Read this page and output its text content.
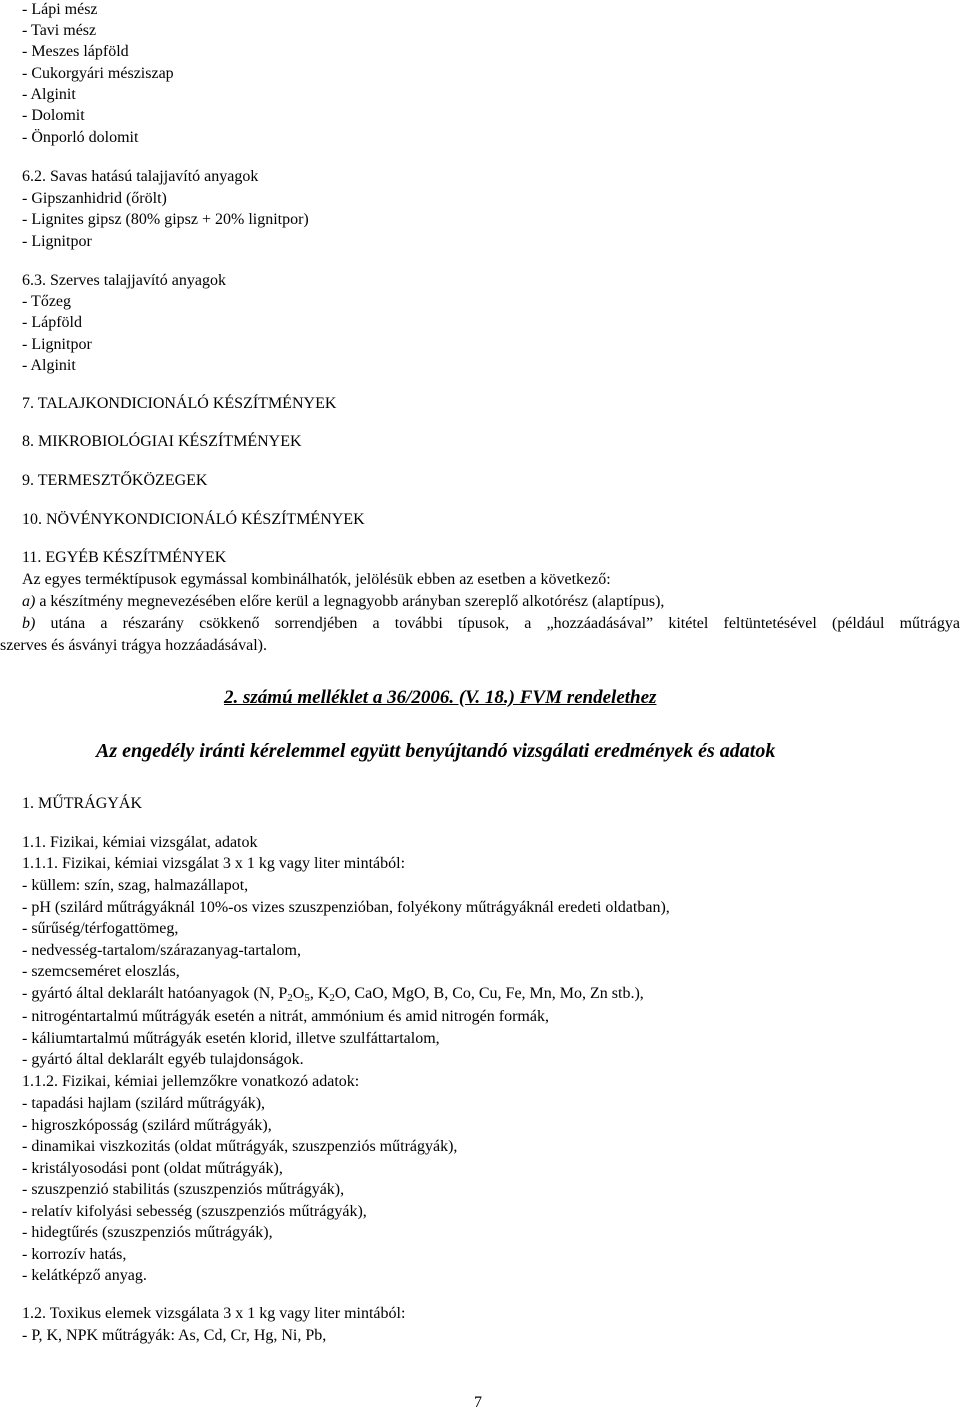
- Lápi mész
- Tavi mész
- Meszes lápföld
- Cukorgyári mésziszap
- Alginit
- Dolomit
- Önporló dolomit
6.2. Savas hatású talajjavító anyagok
- Gipszanhidrid (őrölt)
- Lignites gipsz (80% gipsz + 20% lignitpor)
- Lignitpor
6.3. Szerves talajjavító anyagok
- Tőzeg
- Lápföld
- Lignitpor
- Alginit
7. TALAJKONDICIONÁLÓ KÉSZÍTMÉNYEK
8. MIKROBIOLÓGIAI KÉSZÍTMÉNYEK
9. TERMESZTŐKÖZEGEK
10. NÖVÉNYKONDICIONÁLÓ KÉSZÍTMÉNYEK
11. EGYÉB KÉSZÍTMÉNYEK
Az egyes terméktípusok egymással kombinálhatók, jelölésük ebben az esetben a következő:
a) a készítmény megnevezésében előre kerül a legnagyobb arányban szereplő alkotórész (alaptípus),
b) utána a részarány csökkenő sorrendjében a további típusok, a „hozzáadásával” kitétel feltüntetésével (például műtrágya
szerves és ásványi trágya hozzáadásával).
2. számú melléklet a 36/2006. (V. 18.) FVM rendelethez
Az engedély iránti kérelemmel együtt benyújtandó vizsgálati eredmények és adatok
1. MŰTRÁGYÁK
1.1. Fizikai, kémiai vizsgálat, adatok
1.1.1. Fizikai, kémiai vizsgálat 3 x 1 kg vagy liter mintából:
- küllem: szín, szag, halmazállapot,
- pH (szilárd műtrágyáknál 10%-os vizes szuszpenzióban, folyékony műtrágyáknál eredeti oldatban),
- sűrűség/térfogattömeg,
- nedvesség-tartalom/szárazanyag-tartalom,
- szemcseméret eloszlás,
- gyártó által deklarált hatóanyagok (N, $P_2O_5$, $K_2O$, CaO, MgO, B, Co, Cu, Fe, Mn, Mo, Zn stb.),
- nitrogéntartalmú műtrágyák esetén a nitrát, ammónium és amid nitrogén formák,
- káliumtartalmú műtrágyák esetén klorid, illetve szulfáttartalom,
- gyártó által deklarált egyéb tulajdonságok.
1.1.2. Fizikai, kémiai jellemzőkre vonatkozó adatok:
- tapadási hajlam (szilárd műtrágyák),
- higroszkóposság (szilárd műtrágyák),
- dinamikai viszkozitás (oldat műtrágyák, szuszpenziós műtrágyák),
- kristályosodási pont (oldat műtrágyák),
- szuszpenzió stabilitás (szuszpenziós műtrágyák),
- relatív kifolyási sebesség (szuszpenziós műtrágyák),
- hidegtűrés (szuszpenziós műtrágyák),
- korrozív hatás,
- kelátképző anyag.
1.2. Toxikus elemek vizsgálata 3 x 1 kg vagy liter mintából:
- P, K, NPK műtrágyák: As, Cd, Cr, Hg, Ni, Pb,
7
